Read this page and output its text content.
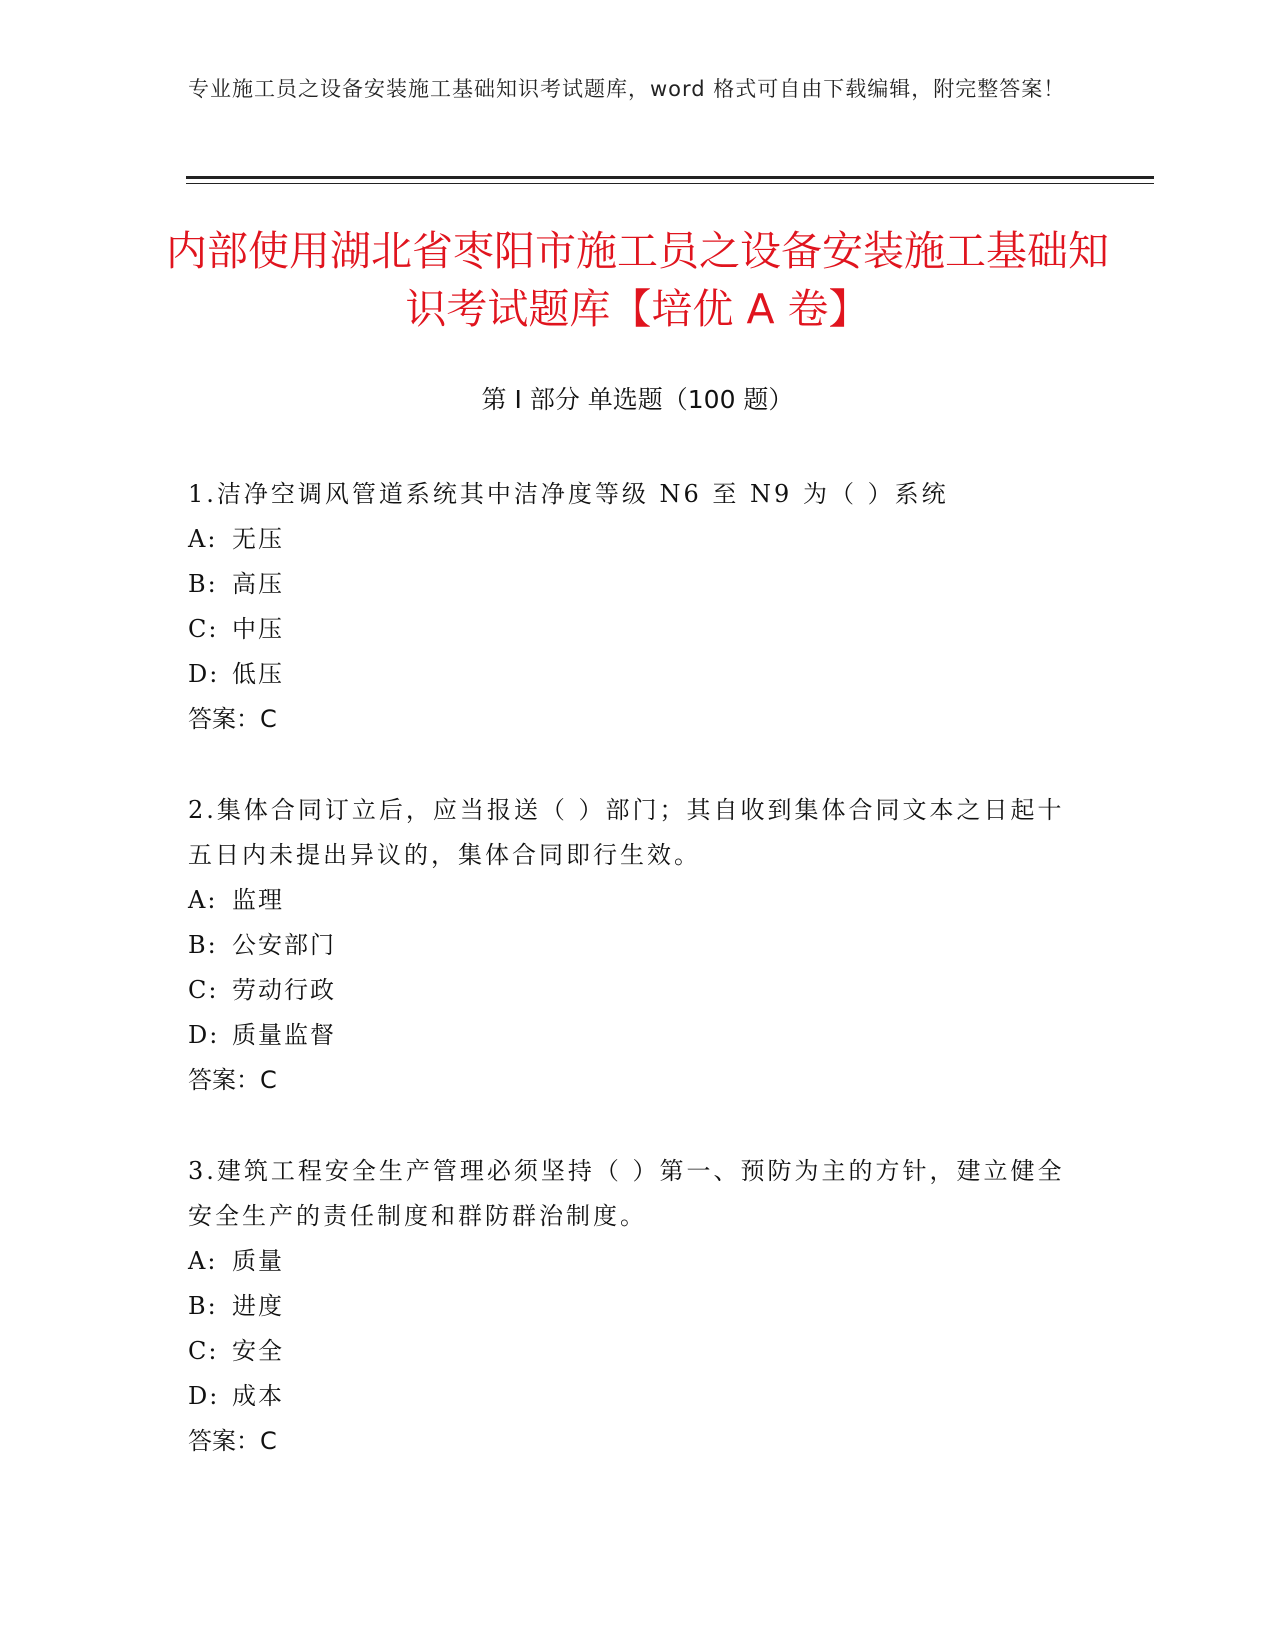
专业施工员之设备安装施工基础知识考试题库，word 格式可自由下载编辑，附完整答案！
内部使用湖北省枣阳市施工员之设备安装施工基础知识考试题库【培优 A 卷】
第 I 部分 单选题（100 题）
1.洁净空调风管道系统其中洁净度等级 N6 至 N9 为（ ）系统
A: 无压
B: 高压
C: 中压
D: 低压
答案：C
2.集体合同订立后，应当报送（ ）部门；其自收到集体合同文本之日起十五日内未提出异议的，集体合同即行生效。
A: 监理
B: 公安部门
C: 劳动行政
D: 质量监督
答案：C
3.建筑工程安全生产管理必须坚持（ ）第一、预防为主的方针，建立健全安全生产的责任制度和群防群治制度。
A: 质量
B: 进度
C: 安全
D: 成本
答案：C
